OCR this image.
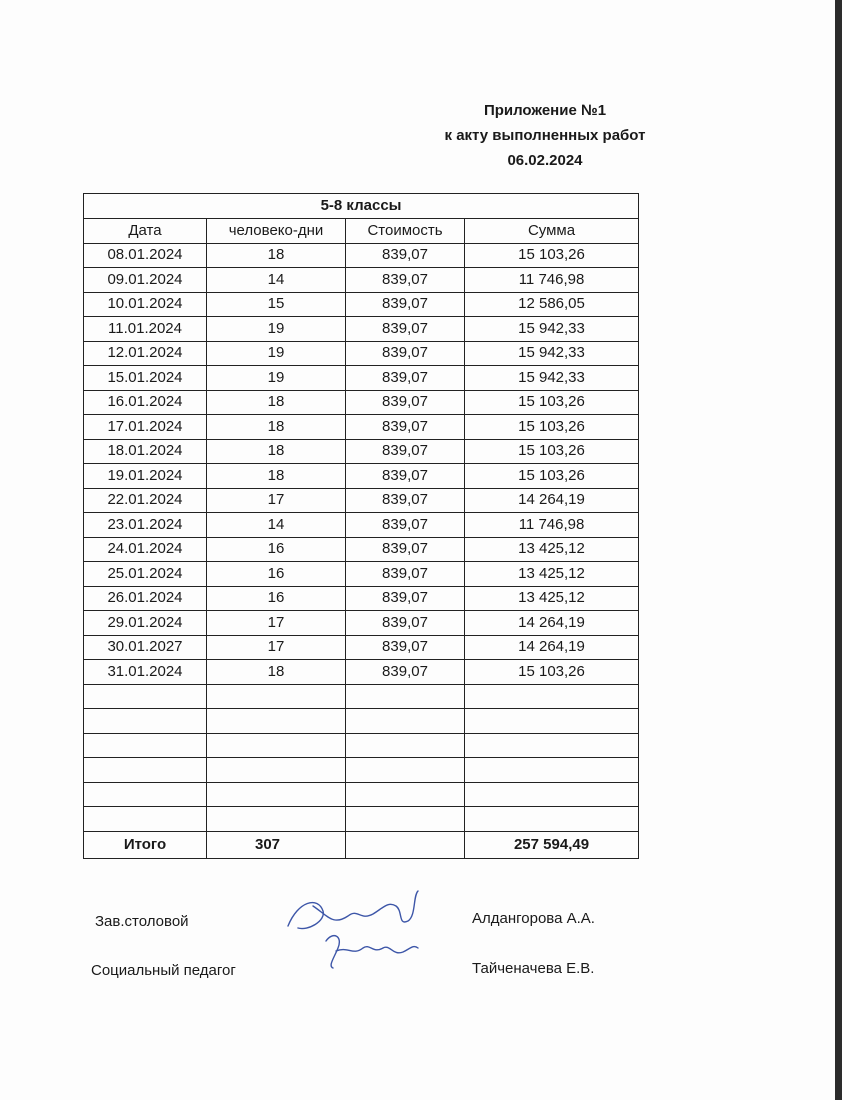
Приложение №1
к акту выполненных работ
06.02.2024
5-8 классы			
Дата	человеко-дни	Стоимость	Сумма
08.01.2024	18	839,07	15 103,26
09.01.2024	14	839,07	11 746,98
10.01.2024	15	839,07	12 586,05
11.01.2024	19	839,07	15 942,33
12.01.2024	19	839,07	15 942,33
15.01.2024	19	839,07	15 942,33
16.01.2024	18	839,07	15 103,26
17.01.2024	18	839,07	15 103,26
18.01.2024	18	839,07	15 103,26
19.01.2024	18	839,07	15 103,26
22.01.2024	17	839,07	14 264,19
23.01.2024	14	839,07	11 746,98
24.01.2024	16	839,07	13 425,12
25.01.2024	16	839,07	13 425,12
26.01.2024	16	839,07	13 425,12
29.01.2024	17	839,07	14 264,19
30.01.2027	17	839,07	14 264,19
31.01.2024	18	839,07	15 103,26

Итого	307		257 594,49
Зав.столовой	Алдангорова А.А.
Социальный педагог	Тайченачева Е.В.
